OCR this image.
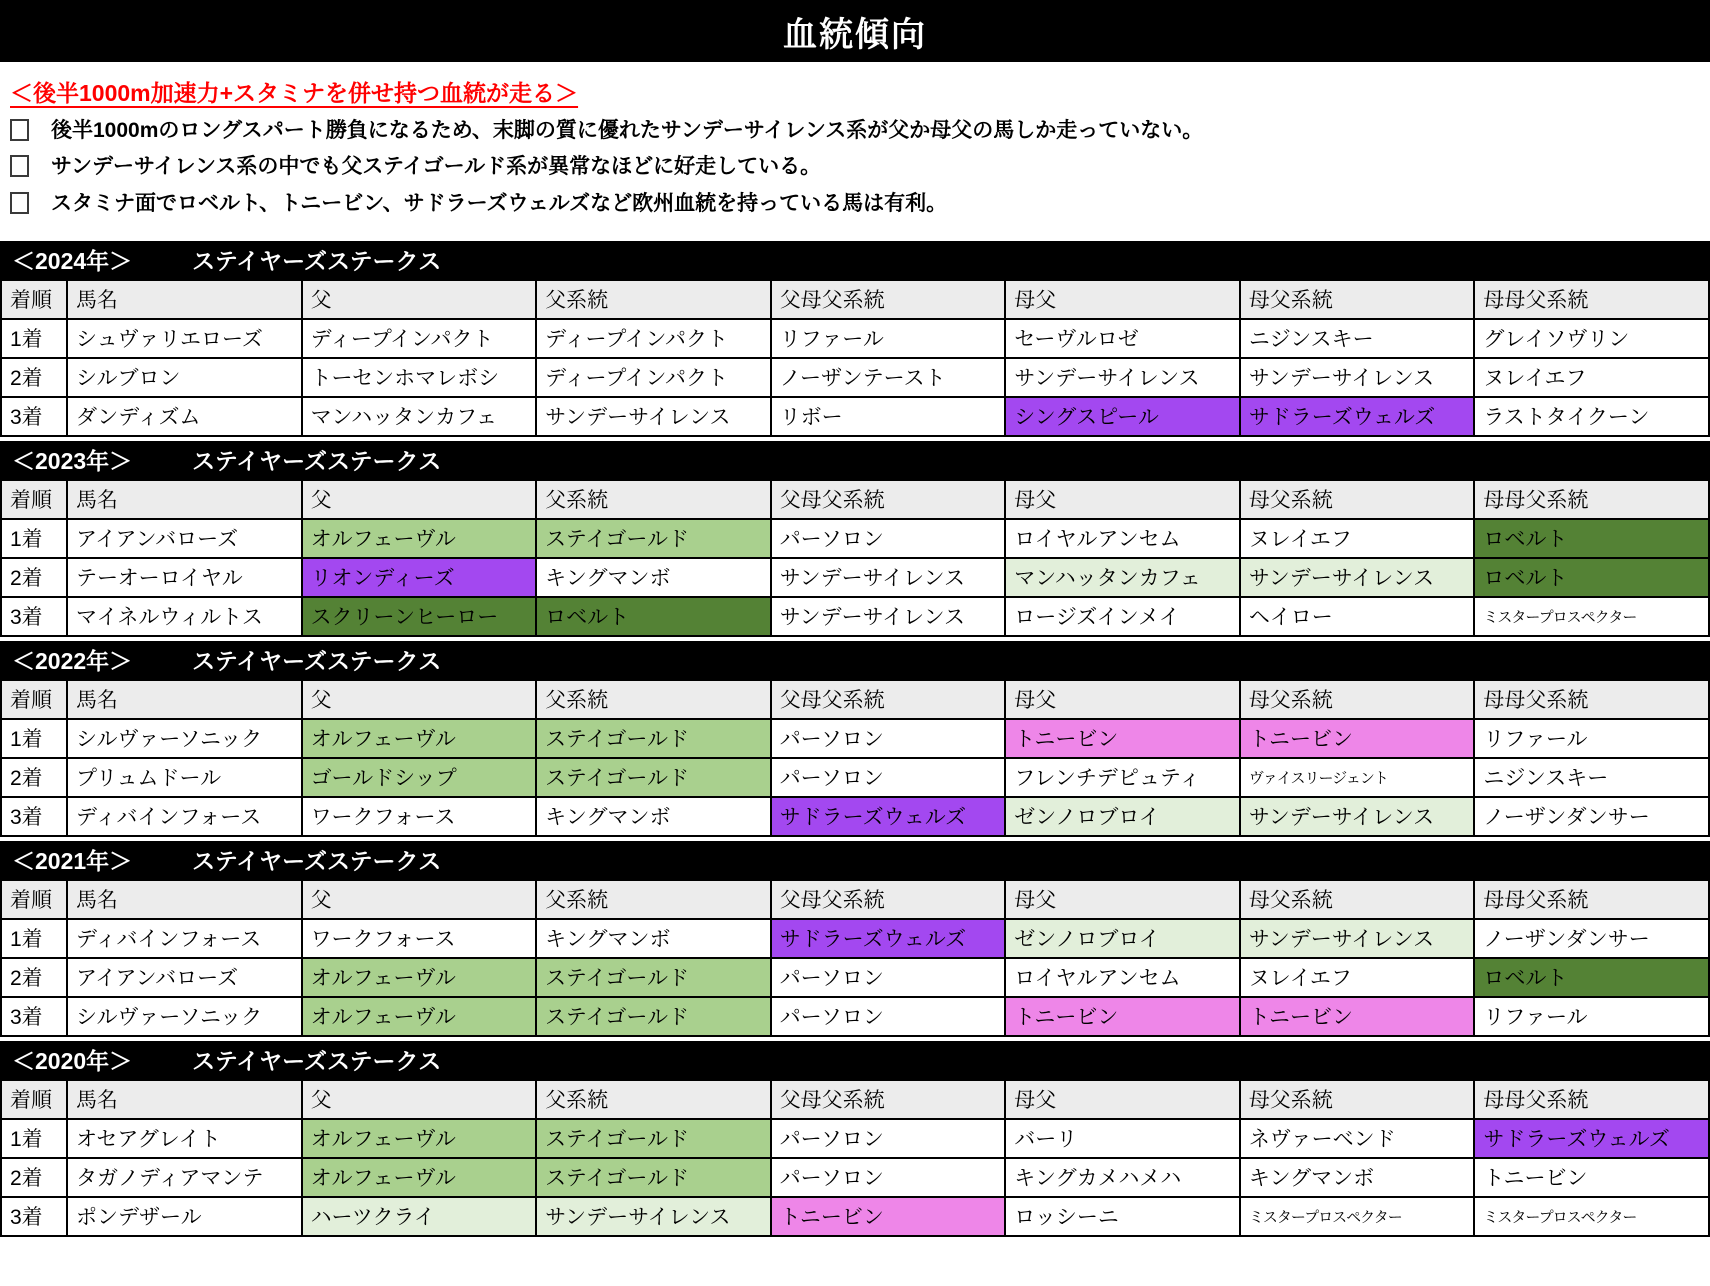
血統傾向
＜後半1000m加速力+スタミナを併せ持つ血統が走る＞
後半1000mのロングスパート勝負になるため、末脚の質に優れたサンデーサイレンス系が父か母父の馬しか走っていない。
サンデーサイレンス系の中でも父ステイゴールド系が異常なほどに好走している。
スタミナ面でロベルト、トニービン、サドラーズウェルズなど欧州血統を持っている馬は有利。
＜2024年＞	ステイヤーズステークス
着順	馬名	父	父系統	父母父系統	母父	母父系統	母母父系統
1着	シュヴァリエローズ	ディープインパクト	ディープインパクト	リファール	セーヴルロゼ	ニジンスキー	グレイソヴリン
2着	シルブロン	トーセンホマレボシ	ディープインパクト	ノーザンテースト	サンデーサイレンス	サンデーサイレンス	ヌレイエフ
3着	ダンディズム	マンハッタンカフェ	サンデーサイレンス	リボー	シングスピール	サドラーズウェルズ	ラストタイクーン
＜2023年＞	ステイヤーズステークス
着順	馬名	父	父系統	父母父系統	母父	母父系統	母母父系統
1着	アイアンバローズ	オルフェーヴル	ステイゴールド	パーソロン	ロイヤルアンセム	ヌレイエフ	ロベルト
2着	テーオーロイヤル	リオンディーズ	キングマンボ	サンデーサイレンス	マンハッタンカフェ	サンデーサイレンス	ロベルト
3着	マイネルウィルトス	スクリーンヒーロー	ロベルト	サンデーサイレンス	ロージズインメイ	ヘイロー	ミスタープロスペクター
＜2022年＞	ステイヤーズステークス
着順	馬名	父	父系統	父母父系統	母父	母父系統	母母父系統
1着	シルヴァーソニック	オルフェーヴル	ステイゴールド	パーソロン	トニービン	トニービン	リファール
2着	プリュムドール	ゴールドシップ	ステイゴールド	パーソロン	フレンチデピュティ	ヴァイスリージェント	ニジンスキー
3着	ディバインフォース	ワークフォース	キングマンボ	サドラーズウェルズ	ゼンノロブロイ	サンデーサイレンス	ノーザンダンサー
＜2021年＞	ステイヤーズステークス
着順	馬名	父	父系統	父母父系統	母父	母父系統	母母父系統
1着	ディバインフォース	ワークフォース	キングマンボ	サドラーズウェルズ	ゼンノロブロイ	サンデーサイレンス	ノーザンダンサー
2着	アイアンバローズ	オルフェーヴル	ステイゴールド	パーソロン	ロイヤルアンセム	ヌレイエフ	ロベルト
3着	シルヴァーソニック	オルフェーヴル	ステイゴールド	パーソロン	トニービン	トニービン	リファール
＜2020年＞	ステイヤーズステークス
着順	馬名	父	父系統	父母父系統	母父	母父系統	母母父系統
1着	オセアグレイト	オルフェーヴル	ステイゴールド	パーソロン	バーリ	ネヴァーベンド	サドラーズウェルズ
2着	タガノディアマンテ	オルフェーヴル	ステイゴールド	パーソロン	キングカメハメハ	キングマンボ	トニービン
3着	ポンデザール	ハーツクライ	サンデーサイレンス	トニービン	ロッシーニ	ミスタープロスペクター	ミスタープロスペクター
